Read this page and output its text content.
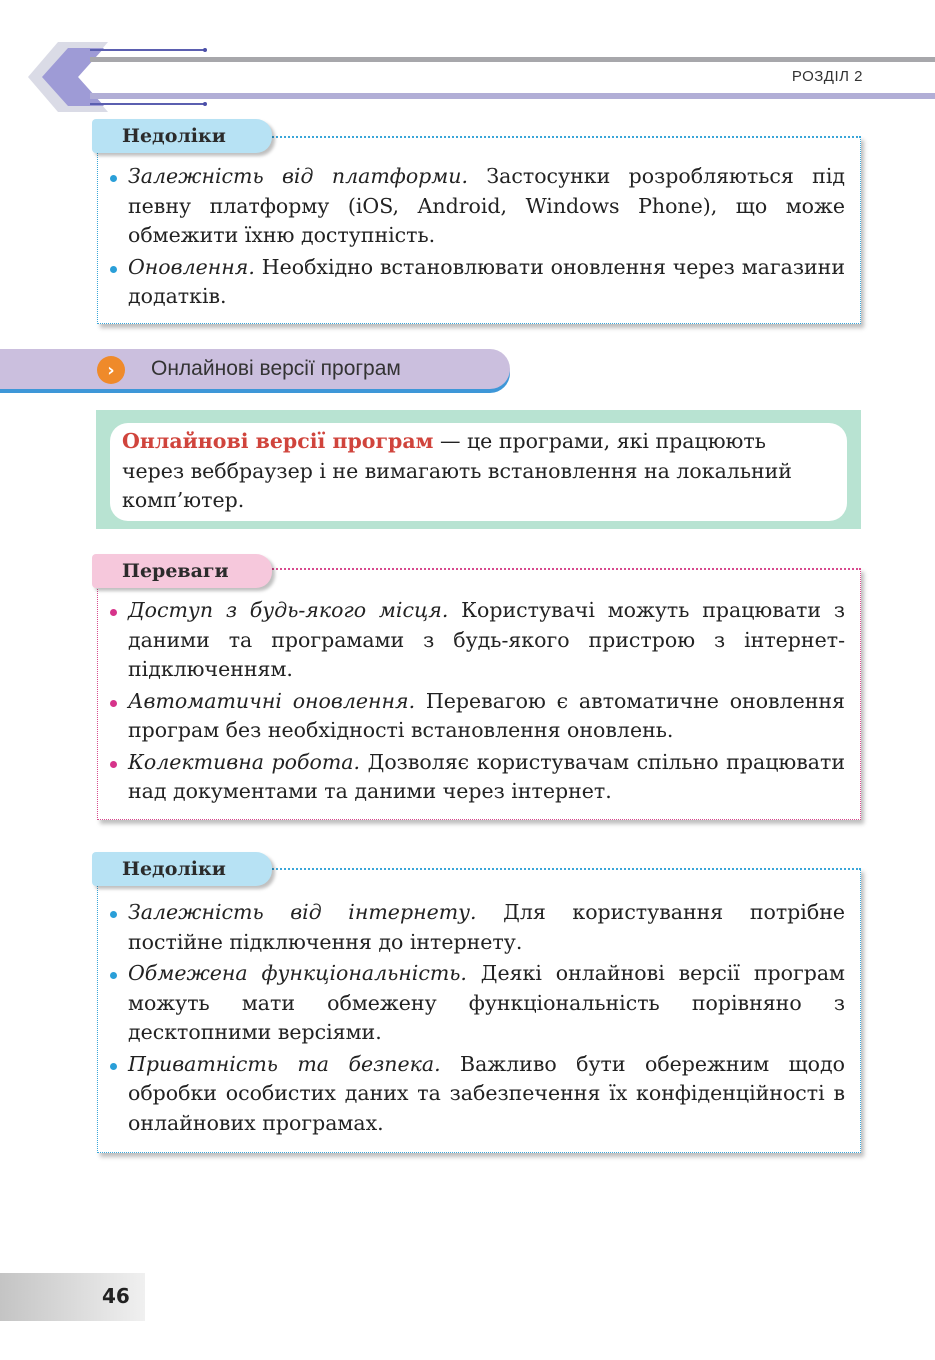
РОЗДІЛ 2
Недоліки

Залежність від платформи. Застосунки розробляються під певну платформу (iOS, Android, Windows Phone), що може обмежити їхню доступність.

Оновлення. Необхідно встановлювати оновлення через магазини додатків.

›	Онлайнові версії програм
Онлайнові версії програм — це програми, які працюють через веббраузер і не вимагають встановлення на локальний комп’ютер.
Переваги

Доступ з будь-якого місця. Користувачі можуть працювати з даними та програмами з будь-якого пристрою з інтернет-підключенням.

Автоматичні оновлення. Перевагою є автоматичне оновлення програм без необхідності встановлення оновлень.

Колективна робота. Дозволяє користувачам спільно працювати над документами та даними через інтернет.

Недоліки

Залежність від інтернету. Для користування потрібне постійне підключення до інтернету.

Обмежена функціональність. Деякі онлайнові версії програм можуть мати обмежену функціональність порівняно з десктопними версіями.

Приватність та безпека. Важливо бути обережним щодо обробки особистих даних та забезпечення їх конфіденційності в онлайнових програмах.

46
